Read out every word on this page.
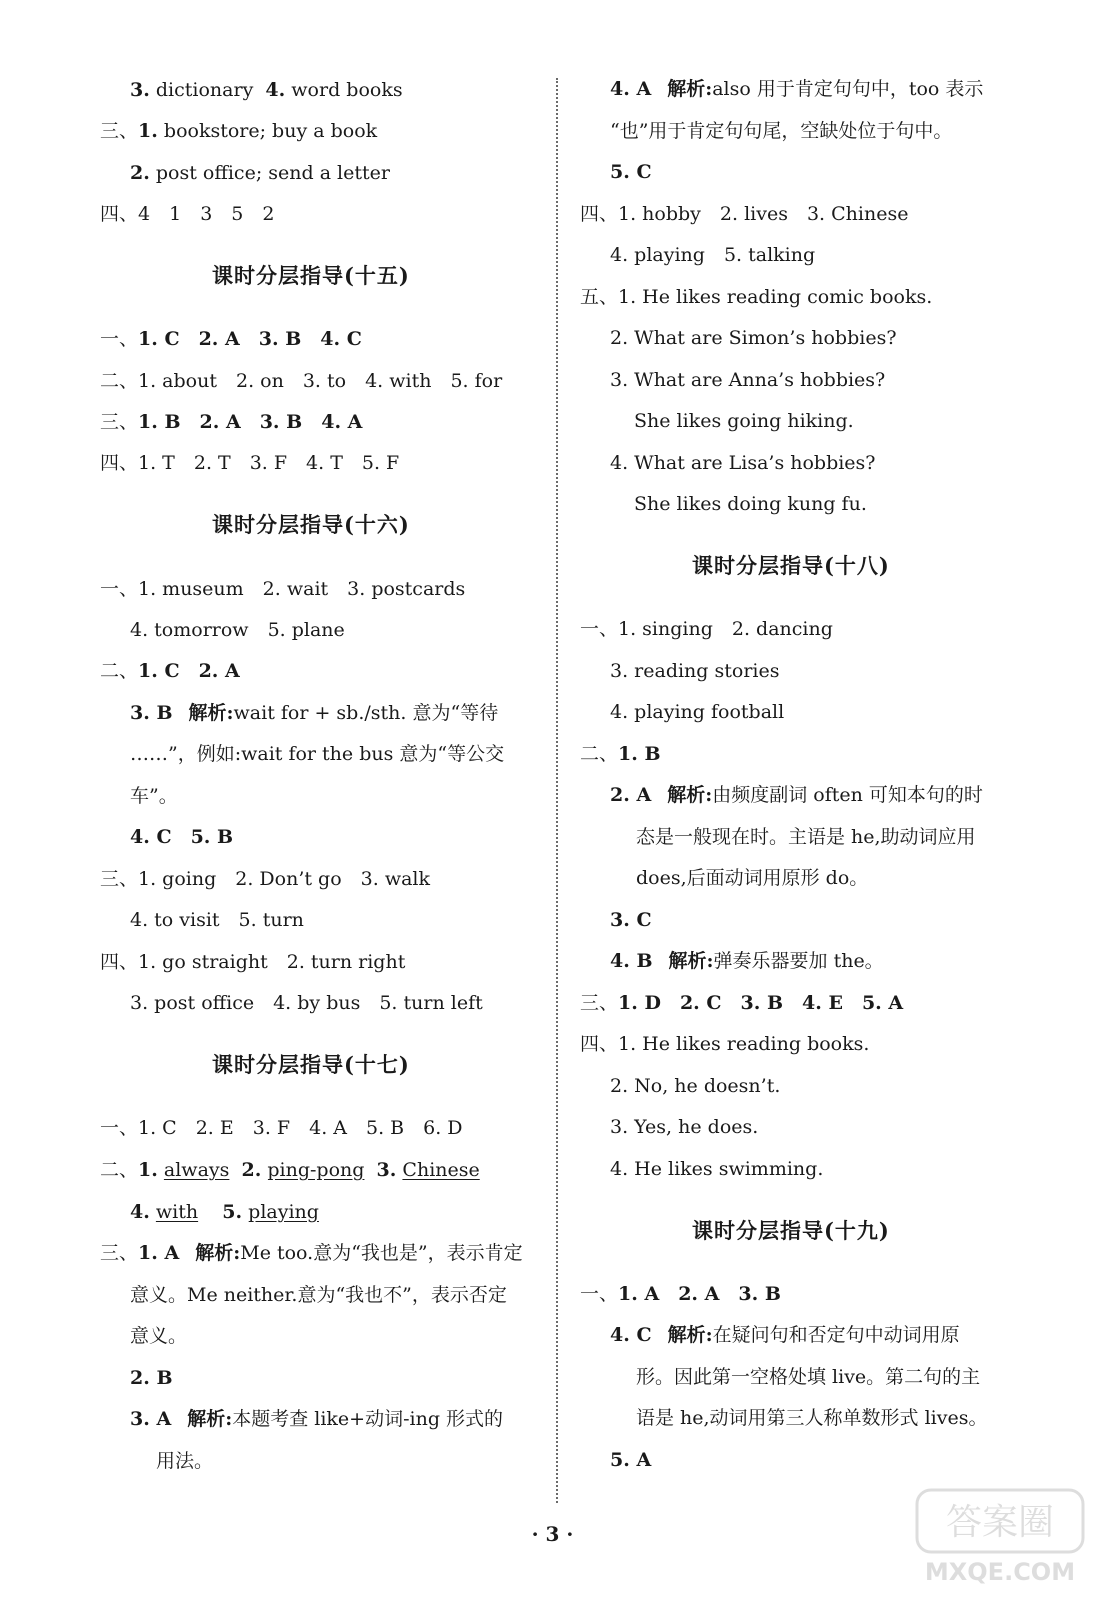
3. dictionary 4. word books
三、1. bookstore; buy a book
2. post office; send a letter
四、4　1　3　5　2
课时分层指导(十五)
一、1. C　2. A　3. B　4. C
二、1. about　2. on　3. to　4. with　5. for
三、1. B　2. A　3. B　4. A
四、1. T　2. T　3. F　4. T　5. F
课时分层指导(十六)
一、1. museum　2. wait　3. postcards
4. tomorrow　5. plane
二、1. C　2. A
3. B 解析:wait for + sb./sth. 意为“等待
……”，例如:wait for the bus 意为“等公交
车”。
4. C　5. B
三、1. going　2. Don’t go　3. walk
4. to visit　5. turn
四、1. go straight　2. turn right
3. post office　4. by bus　5. turn left
课时分层指导(十七)
一、1. C　2. E　3. F　4. A　5. B　6. D
二、1. always 2. ping-pong 3. Chinese
4. with 5. playing
三、1. A 解析:Me too.意为“我也是”，表示肯定
意义。Me neither.意为“我也不”，表示否定
意义。
2. B
3. A 解析:本题考查 like+动词-ing 形式的
用法。
4. A 解析:also 用于肯定句句中，too 表示
“也”用于肯定句句尾，空缺处位于句中。
5. C
四、1. hobby　2. lives　3. Chinese
4. playing　5. talking
五、1. He likes reading comic books.
2. What are Simon’s hobbies?
3. What are Anna’s hobbies?
She likes going hiking.
4. What are Lisa’s hobbies?
She likes doing kung fu.
课时分层指导(十八)
一、1. singing　2. dancing
3. reading stories
4. playing football
二、1. B
2. A 解析:由频度副词 often 可知本句的时
态是一般现在时。主语是 he,助动词应用
does,后面动词用原形 do。
3. C
4. B 解析:弹奏乐器要加 the。
三、1. D　2. C　3. B　4. E　5. A
四、1. He likes reading books.
2. No, he doesn’t.
3. Yes, he does.
4. He likes swimming.
课时分层指导(十九)
一、1. A　2. A　3. B
4. C 解析:在疑问句和否定句中动词用原
形。因此第一空格处填 live。第二句的主
语是 he,动词用第三人称单数形式 lives。
5. A
· 3 ·	答案圈
MXQE.COM
